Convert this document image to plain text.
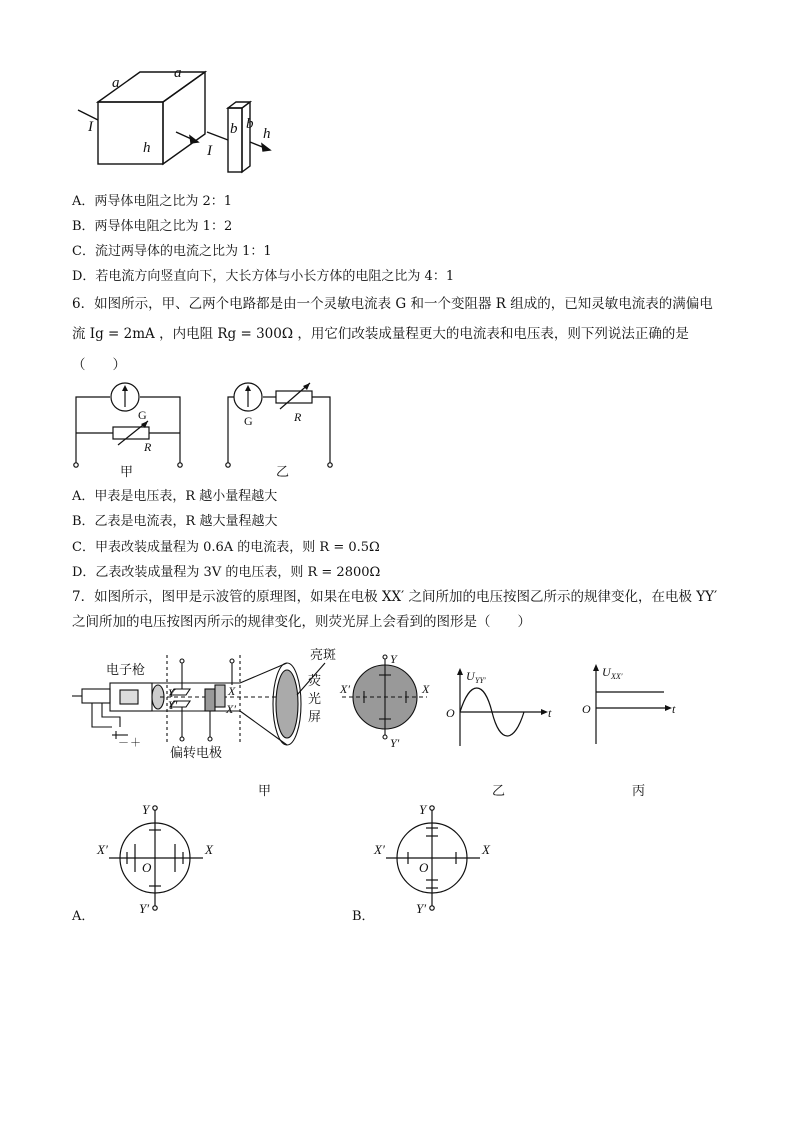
a
a
h
I
I
b b
h
A．两导体电阻之比为 2：1
B．两导体电阻之比为 1：2
C．流过两导体的电流之比为 1：1
D．若电流方向竖直向下，大长方体与小长方体的电阻之比为 4：1
6．如图所示，甲、乙两个电路都是由一个灵敏电流表 G 和一个变阻器 R 组成的，已知灵敏电流表的满偏电
流 Ig = 2mA ，内电阻 Rg = 300Ω ，用它们改装成量程更大的电流表和电压表，则下列说法正确的是
（　　）
G
R
甲
G	R
乙
A．甲表是电压表，R 越小量程越大
B．乙表是电流表，R 越大量程越大
C．甲表改装成量程为 0.6A 的电流表，则 R = 0.5Ω
D．乙表改装成量程为 3V 的电压表，则 R = 2800Ω
7．如图所示，图甲是示波管的原理图，如果在电极 XX′ 之间所加的电压按图乙所示的规律变化，在电极 YY′
之间所加的电压按图丙所示的规律变化，则荧光屏上会看到的图形是（　　）
电子枪
亮斑
荧
光
屏
偏转电极
－ ＋
Y
Y′
X
X′
Y
Y′
X
X′
U YY′
O	t
U XX′
O	t
甲	乙	丙
Y
Y′
X
X′
O
A．
Y
Y′
X
X′
O
B．
